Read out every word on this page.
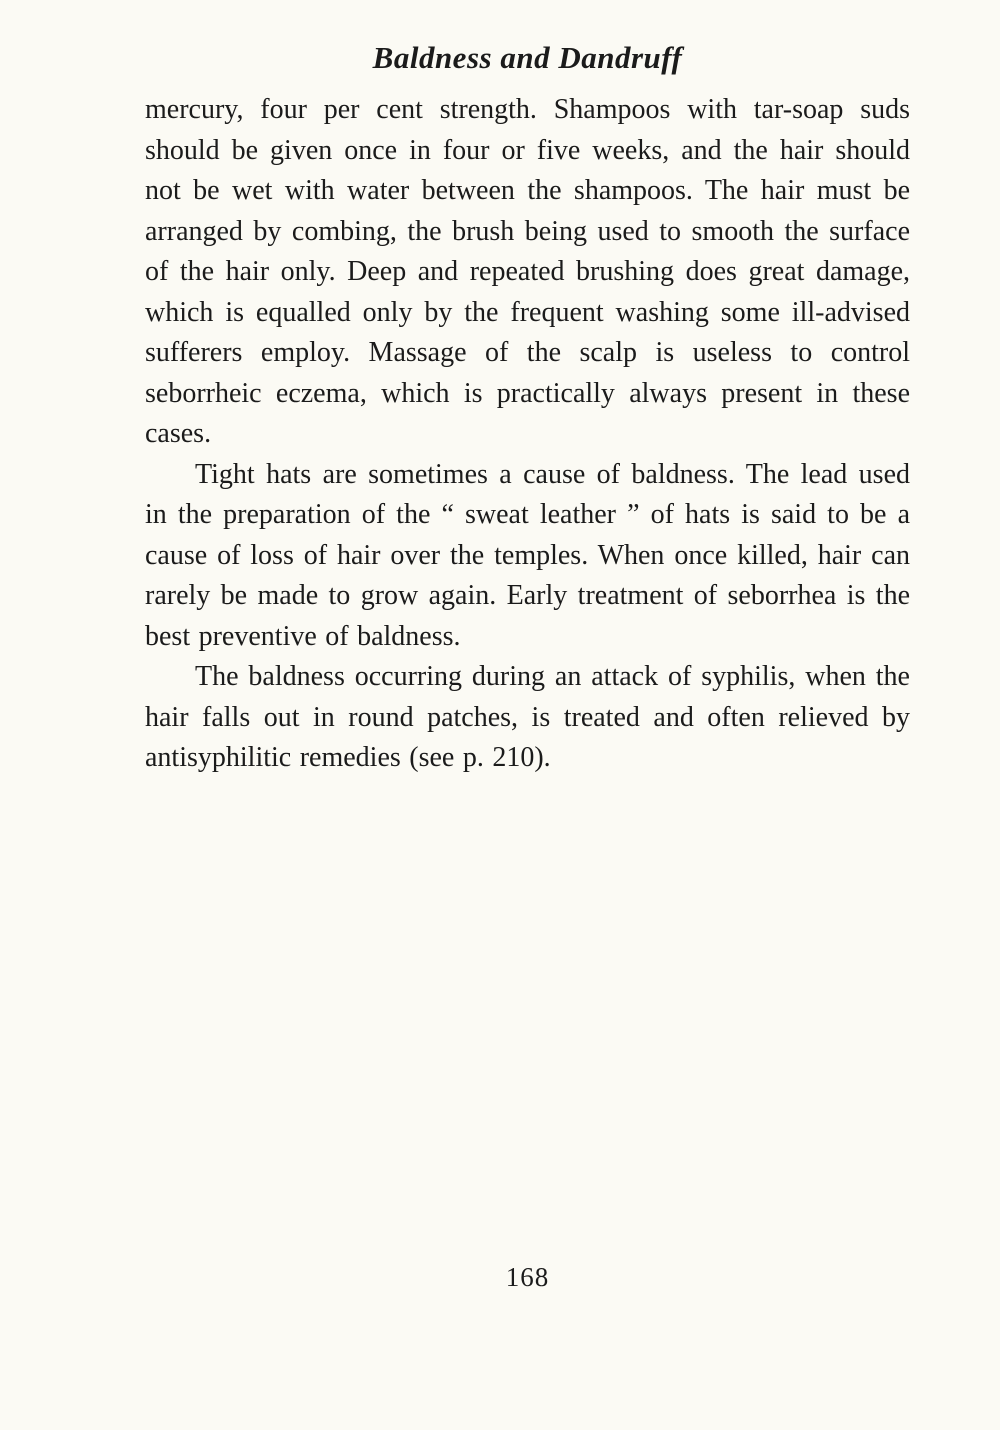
Baldness and Dandruff

mercury, four per cent strength. Shampoos with tar-soap suds should be given once in four or five weeks, and the hair should not be wet with water between the shampoos. The hair must be arranged by combing, the brush being used to smooth the surface of the hair only. Deep and repeated brushing does great damage, which is equalled only by the frequent washing some ill-advised sufferers employ. Massage of the scalp is useless to control seborrheic eczema, which is practically always present in these cases.

Tight hats are sometimes a cause of baldness. The lead used in the preparation of the “ sweat leather ” of hats is said to be a cause of loss of hair over the temples. When once killed, hair can rarely be made to grow again. Early treatment of seborrhea is the best preventive of baldness.

The baldness occurring during an attack of syphilis, when the hair falls out in round patches, is treated and often relieved by antisyphilitic remedies (see p. 210).

168
